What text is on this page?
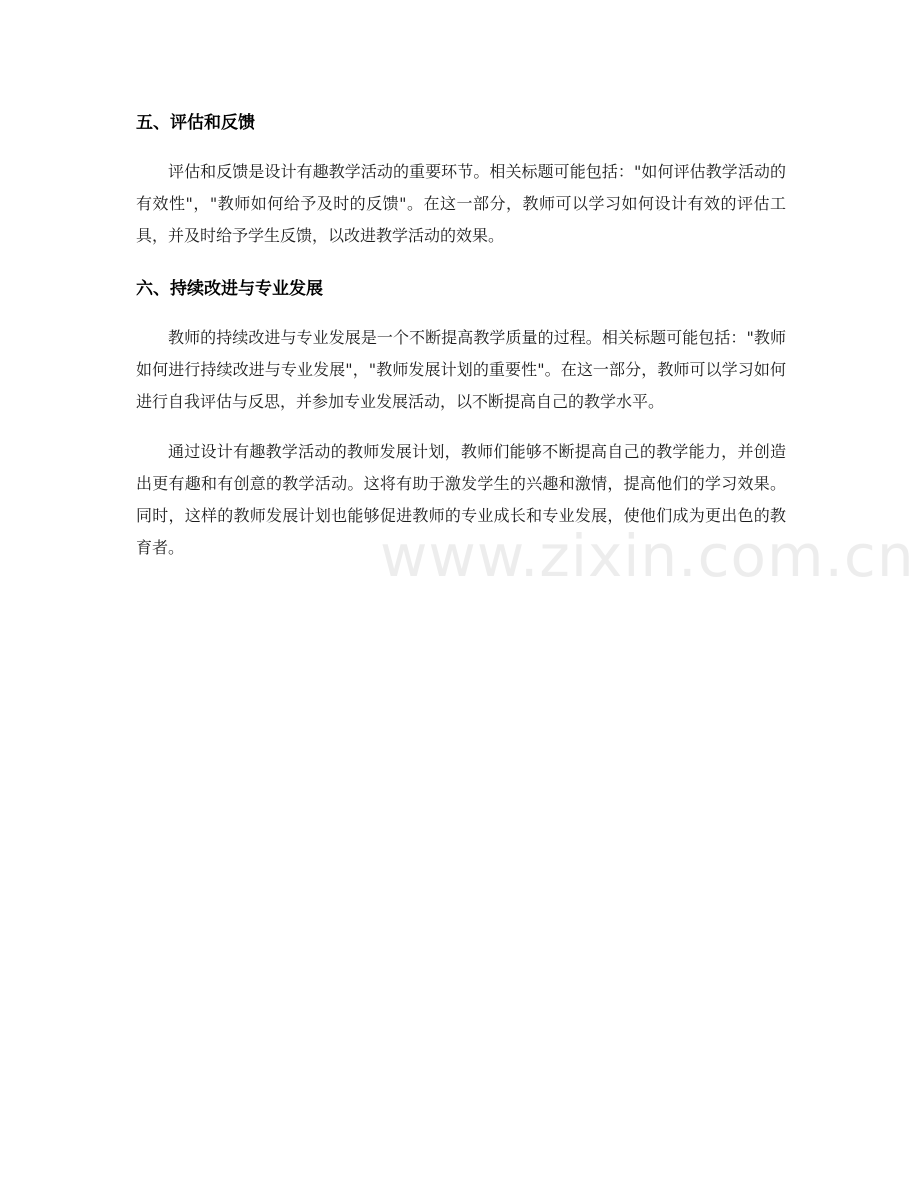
五、评估和反馈

评估和反馈是设计有趣教学活动的重要环节。相关标题可能包括："如何评估教学活动的有效性"，"教师如何给予及时的反馈"。在这一部分，教师可以学习如何设计有效的评估工具，并及时给予学生反馈，以改进教学活动的效果。

六、持续改进与专业发展

教师的持续改进与专业发展是一个不断提高教学质量的过程。相关标题可能包括："教师如何进行持续改进与专业发展"，"教师发展计划的重要性"。在这一部分，教师可以学习如何进行自我评估与反思，并参加专业发展活动，以不断提高自己的教学水平。

通过设计有趣教学活动的教师发展计划，教师们能够不断提高自己的教学能力，并创造出更有趣和有创意的教学活动。这将有助于激发学生的兴趣和激情，提高他们的学习效果。同时，这样的教师发展计划也能够促进教师的专业成长和专业发展，使他们成为更出色的教育者。	www.zixin.com.cn
